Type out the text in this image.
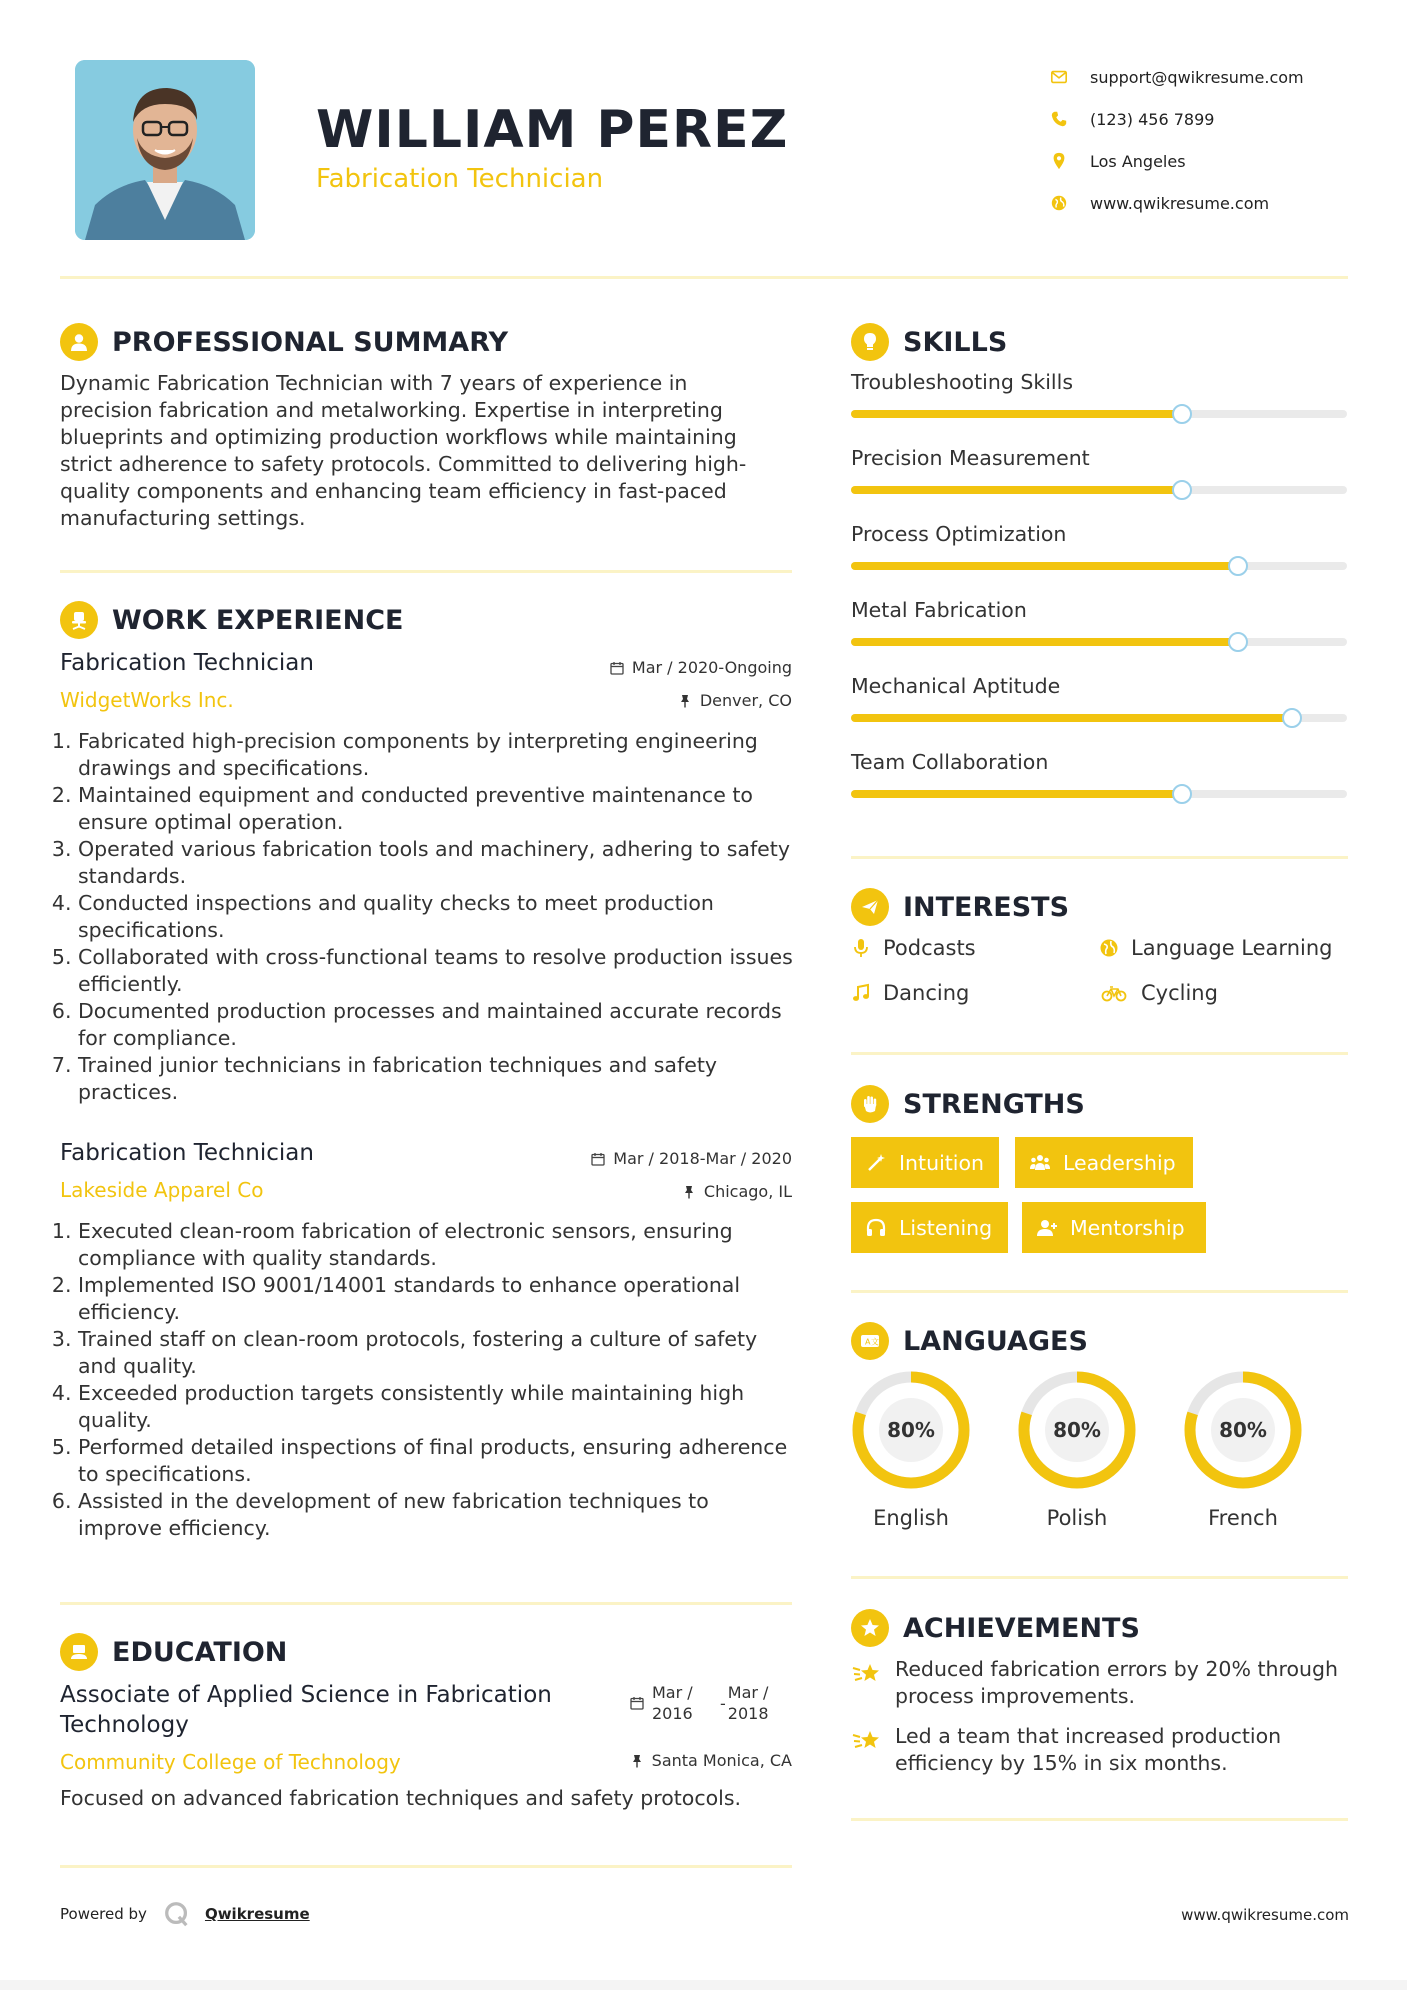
WILLIAM PEREZ
Fabrication Technician
support@qwikresume.com
(123) 456 7899
Los Angeles
www.qwikresume.com
PROFESSIONAL SUMMARY
Dynamic Fabrication Technician with 7 years of experience in precision fabrication and metalworking. Expertise in interpreting blueprints and optimizing production workflows while maintaining strict adherence to safety protocols. Committed to delivering high-quality components and enhancing team efficiency in fast-paced manufacturing settings.
WORK EXPERIENCE
Fabrication Technician	Mar / 2020-Ongoing
WidgetWorks Inc.	Denver, CO
1. Fabricated high-precision components by interpreting engineering drawings and specifications.
2. Maintained equipment and conducted preventive maintenance to ensure optimal operation.
3. Operated various fabrication tools and machinery, adhering to safety standards.
4. Conducted inspections and quality checks to meet production specifications.
5. Collaborated with cross-functional teams to resolve production issues efficiently.
6. Documented production processes and maintained accurate records for compliance.
7. Trained junior technicians in fabrication techniques and safety practices.
Fabrication Technician	Mar / 2018-Mar / 2020
Lakeside Apparel Co	Chicago, IL
1. Executed clean-room fabrication of electronic sensors, ensuring compliance with quality standards.
2. Implemented ISO 9001/14001 standards to enhance operational efficiency.
3. Trained staff on clean-room protocols, fostering a culture of safety and quality.
4. Exceeded production targets consistently while maintaining high quality.
5. Performed detailed inspections of final products, ensuring adherence to specifications.
6. Assisted in the development of new fabrication techniques to improve efficiency.
EDUCATION
Associate of Applied Science in Fabrication
Technology
Mar / 2016
-
Mar / 2018
Community College of Technology	Santa Monica, CA
Focused on advanced fabrication techniques and safety protocols.
SKILLS
Troubleshooting Skills
Precision Measurement
Process Optimization
Metal Fabrication
Mechanical Aptitude
Team Collaboration
INTERESTS
Podcasts	Language Learning
Dancing	Cycling
STRENGTHS
Intuition	Leadership
Listening	Mentorship
A 文 LANGUAGES
80%
English
80%
Polish
80%
French
ACHIEVEMENTS
Reduced fabrication errors by 20% through process improvements.
Led a team that increased production efficiency by 15% in six months.
Powered by	Qwikresume	www.qwikresume.com
